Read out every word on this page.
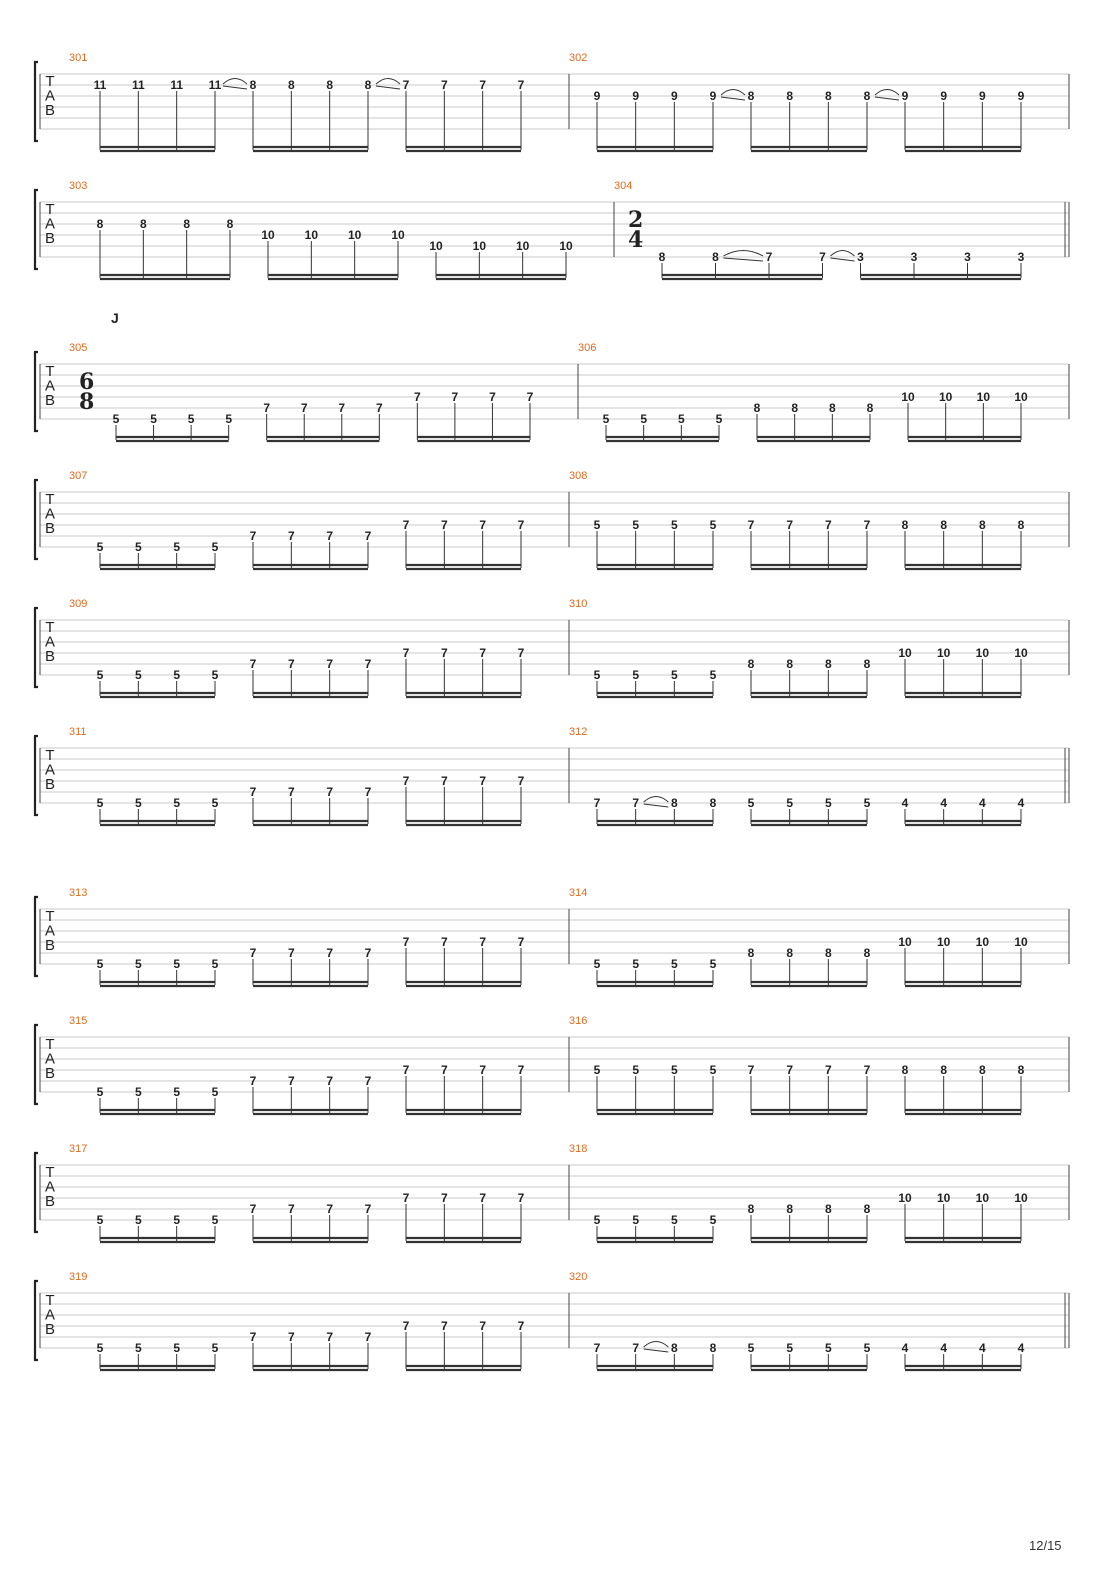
T
A
B
301
11 11 11 11 8	8	8	8	7	7	7	7
302
9	9	9	9	8	8	8	8	9	9	9	9
T
A
B
303
8	8	8	8
10 10 10 10
10 10 10 10
304
2
4
8	8	7	7	3	3	3	3
T
A
B
305
6
8
5	5	5	5
7	7	7	7
7	7	7	7
306
5	5	5	5
8	8	8	8
10 10 10 10
T
A
B
307
5	5	5	5
7	7	7	7
7	7	7	7
308
5	5	5	5	7	7	7	7	8	8	8	8
T
A
B
309
5	5	5	5
7	7	7	7
7	7	7	7
310
5	5	5	5
8	8	8	8
10 10 10 10
T
A
B
311
5	5	5	5
7	7	7	7
7	7	7	7
312
7	7	8	8	5	5	5	5	4	4	4	4
T
A
B
313
5	5	5	5
7	7	7	7
7	7	7	7
314
5	5	5	5
8	8	8	8
10 10 10 10
T
A
B
315
5	5	5	5
7	7	7	7
7	7	7	7
316
5	5	5	5	7	7	7	7	8	8	8	8
T
A
B
317
5	5	5	5
7	7	7	7
7	7	7	7
318
5	5	5	5
8	8	8	8
10 10 10 10
T
A
B
319
5	5	5	5
7	7	7	7
7	7	7	7
320
7	7	8	8	5	5	5	5	4	4	4	4
J
12/15
